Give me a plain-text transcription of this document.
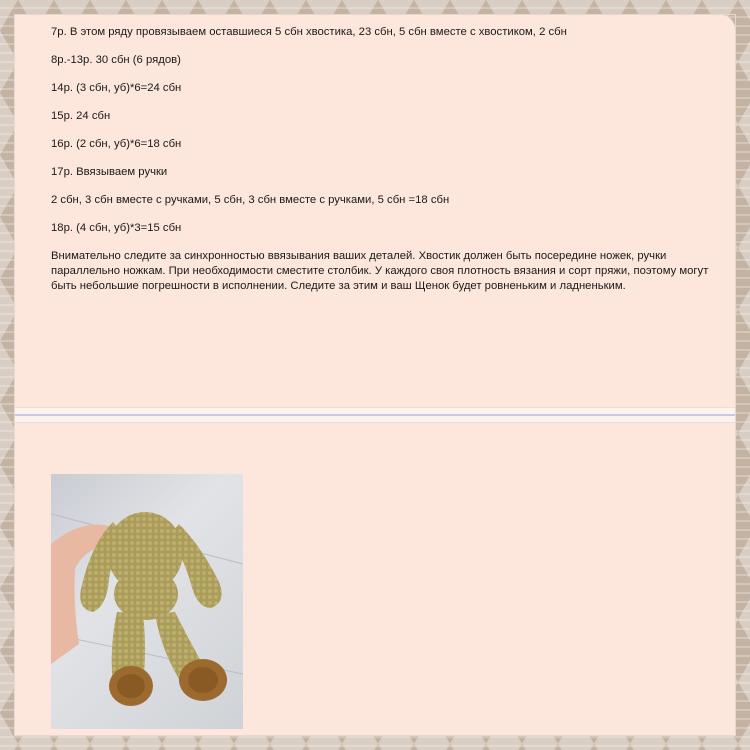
7р. В этом ряду провязываем оставшиеся 5 сбн хвостика, 23 сбн, 5 сбн вместе с хвостиком, 2 сбн
8р.-13р. 30 сбн (6 рядов)
14р. (3 сбн, уб)*6=24 сбн
15р. 24 сбн
16р. (2 сбн, уб)*6=18 сбн
17р. Ввязываем ручки
2 сбн, 3 сбн вместе с ручками, 5 сбн, 3 сбн вместе с ручками, 5 сбн =18 сбн
18р. (4 сбн, уб)*3=15 сбн
Внимательно следите за синхронностью ввязывания ваших деталей. Хвостик должен быть посередине ножек, ручки параллельно ножкам. При необходимости сместите столбик. У каждого своя плотность вязания и сорт пряжи, поэтому могут быть небольшие погрешности в исполнении. Следите за этим и ваш Щенок будет ровненьким и ладненьким.
